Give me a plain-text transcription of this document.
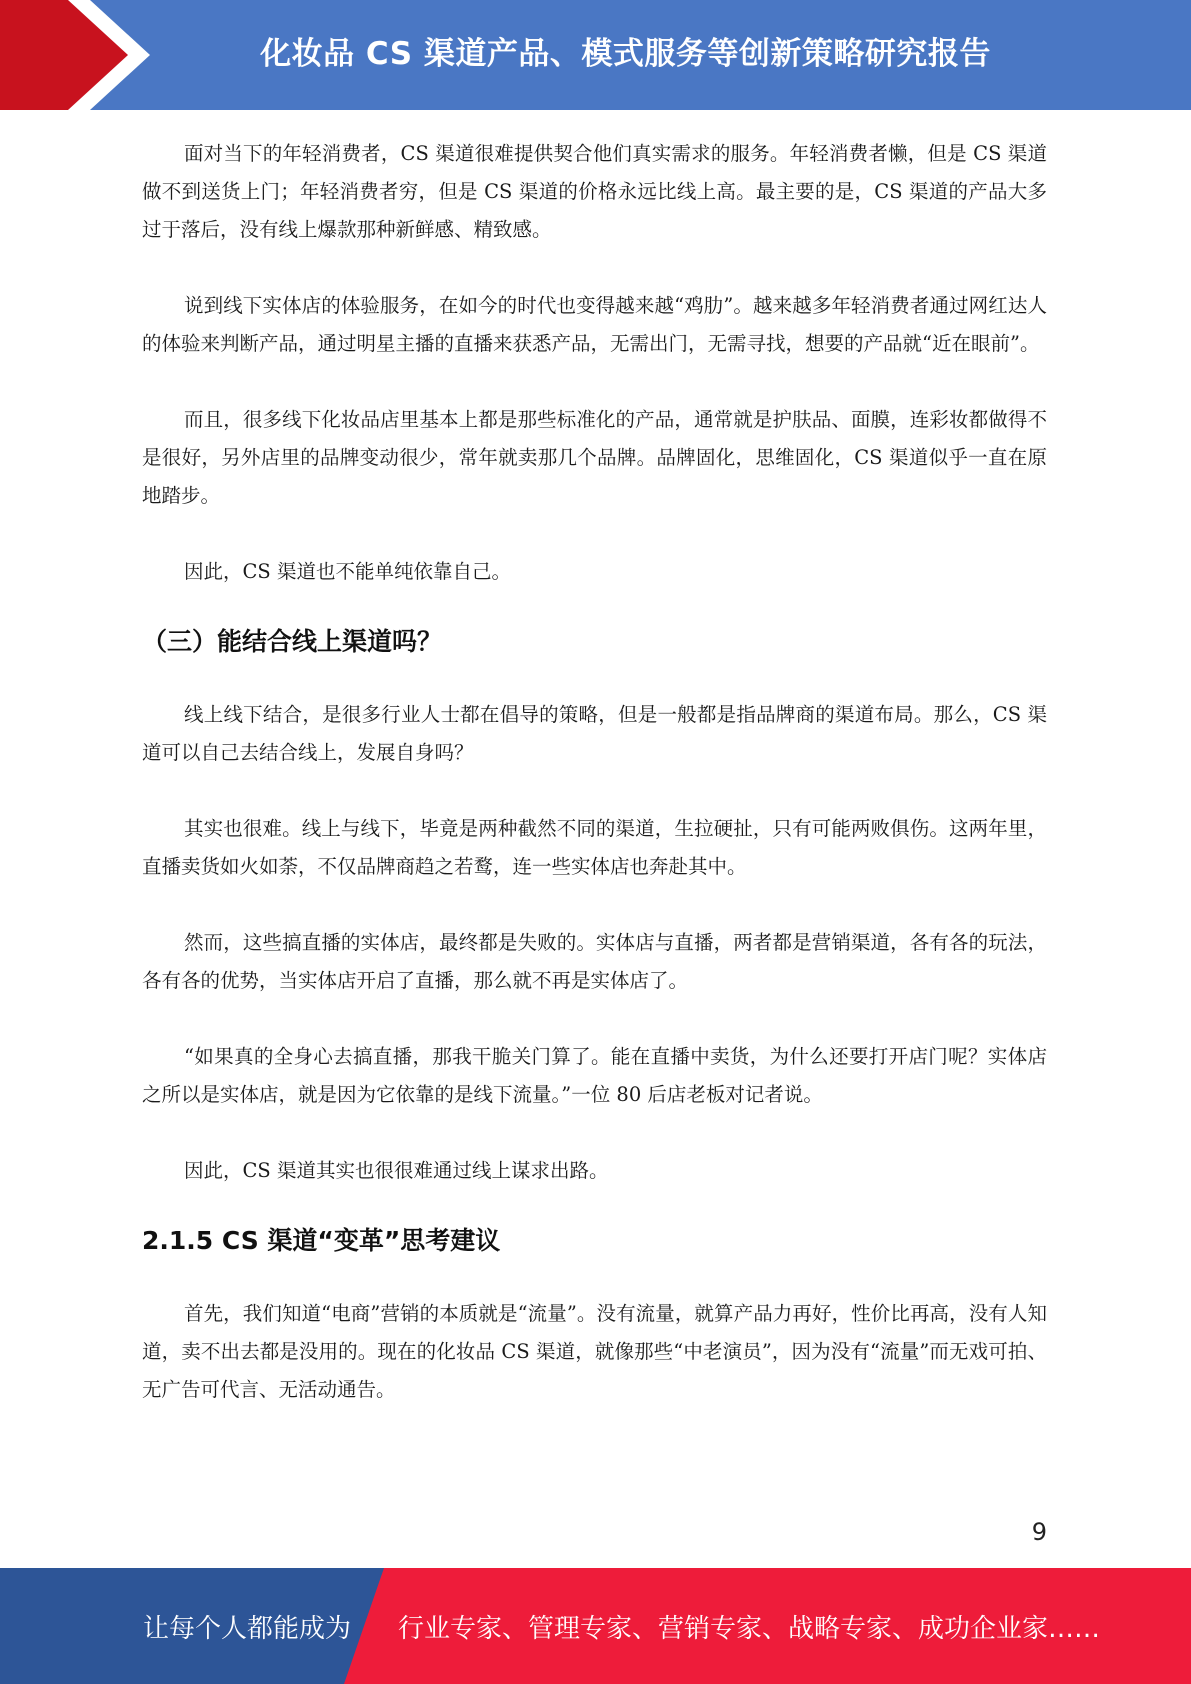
化妆品 CS 渠道产品、模式服务等创新策略研究报告

面对当下的年轻消费者，CS 渠道很难提供契合他们真实需求的服务。年轻消费者懒，但是 CS 渠道做不到送货上门；年轻消费者穷，但是 CS 渠道的价格永远比线上高。最主要的是，CS 渠道的产品大多过于落后，没有线上爆款那种新鲜感、精致感。

说到线下实体店的体验服务，在如今的时代也变得越来越“鸡肋”。越来越多年轻消费者通过网红达人的体验来判断产品，通过明星主播的直播来获悉产品，无需出门，无需寻找，想要的产品就“近在眼前”。

而且，很多线下化妆品店里基本上都是那些标准化的产品，通常就是护肤品、面膜，连彩妆都做得不是很好，另外店里的品牌变动很少，常年就卖那几个品牌。品牌固化，思维固化，CS 渠道似乎一直在原地踏步。

因此，CS 渠道也不能单纯依靠自己。

（三）能结合线上渠道吗？

线上线下结合，是很多行业人士都在倡导的策略，但是一般都是指品牌商的渠道布局。那么，CS 渠道可以自己去结合线上，发展自身吗？

其实也很难。线上与线下，毕竟是两种截然不同的渠道，生拉硬扯，只有可能两败俱伤。这两年里，直播卖货如火如荼，不仅品牌商趋之若鹜，连一些实体店也奔赴其中。

然而，这些搞直播的实体店，最终都是失败的。实体店与直播，两者都是营销渠道，各有各的玩法，各有各的优势，当实体店开启了直播，那么就不再是实体店了。

“如果真的全身心去搞直播，那我干脆关门算了。能在直播中卖货，为什么还要打开店门呢？实体店之所以是实体店，就是因为它依靠的是线下流量。”一位 80 后店老板对记者说。

因此，CS 渠道其实也很很难通过线上谋求出路。

2.1.5 CS 渠道“变革”思考建议

首先，我们知道“电商”营销的本质就是“流量”。没有流量，就算产品力再好，性价比再高，没有人知道，卖不出去都是没用的。现在的化妆品 CS 渠道，就像那些“中老演员”，因为没有“流量”而无戏可拍、无广告可代言、无活动通告。

9
让每个人都能成为 行业专家、管理专家、营销专家、战略专家、成功企业家……
